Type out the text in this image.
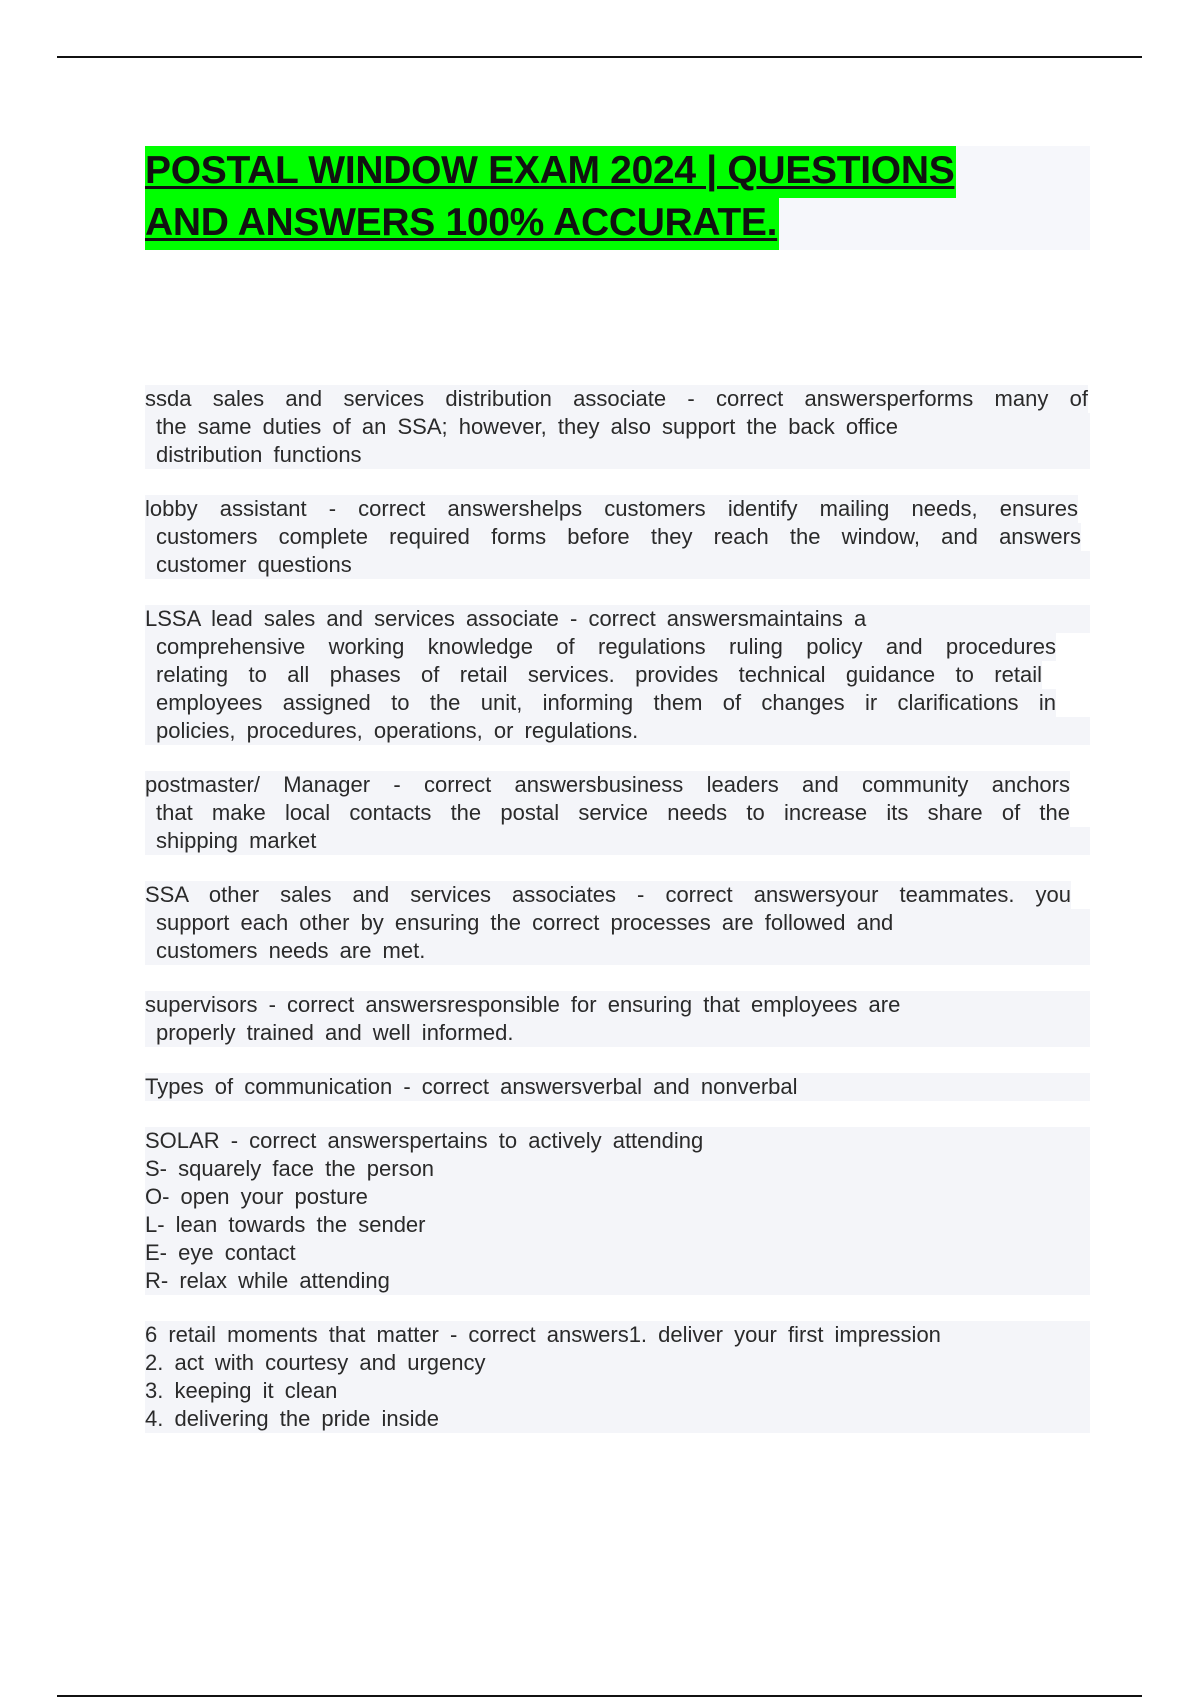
POSTAL WINDOW EXAM 2024 | QUESTIONS
AND ANSWERS 100% ACCURATE.
ssda sales and services distribution associate - correct answersperforms many of
the same duties of an SSA; however, they also support the back office
distribution functions
lobby assistant - correct answershelps customers identify mailing needs, ensures
customers complete required forms before they reach the window, and answers
customer questions
LSSA lead sales and services associate - correct answersmaintains a
comprehensive working knowledge of regulations ruling policy and procedures
relating to all phases of retail services. provides technical guidance to retail
employees assigned to the unit, informing them of changes ir clarifications in
policies, procedures, operations, or regulations.
postmaster/ Manager - correct answersbusiness leaders and community anchors
that make local contacts the postal service needs to increase its share of the
shipping market
SSA other sales and services associates - correct answersyour teammates. you
support each other by ensuring the correct processes are followed and
customers needs are met.
supervisors - correct answersresponsible for ensuring that employees are
properly trained and well informed.
Types of communication - correct answersverbal and nonverbal
SOLAR - correct answerspertains to actively attending
S- squarely face the person
O- open your posture
L- lean towards the sender
E- eye contact
R- relax while attending
6 retail moments that matter - correct answers1. deliver your first impression
2. act with courtesy and urgency
3. keeping it clean
4. delivering the pride inside
